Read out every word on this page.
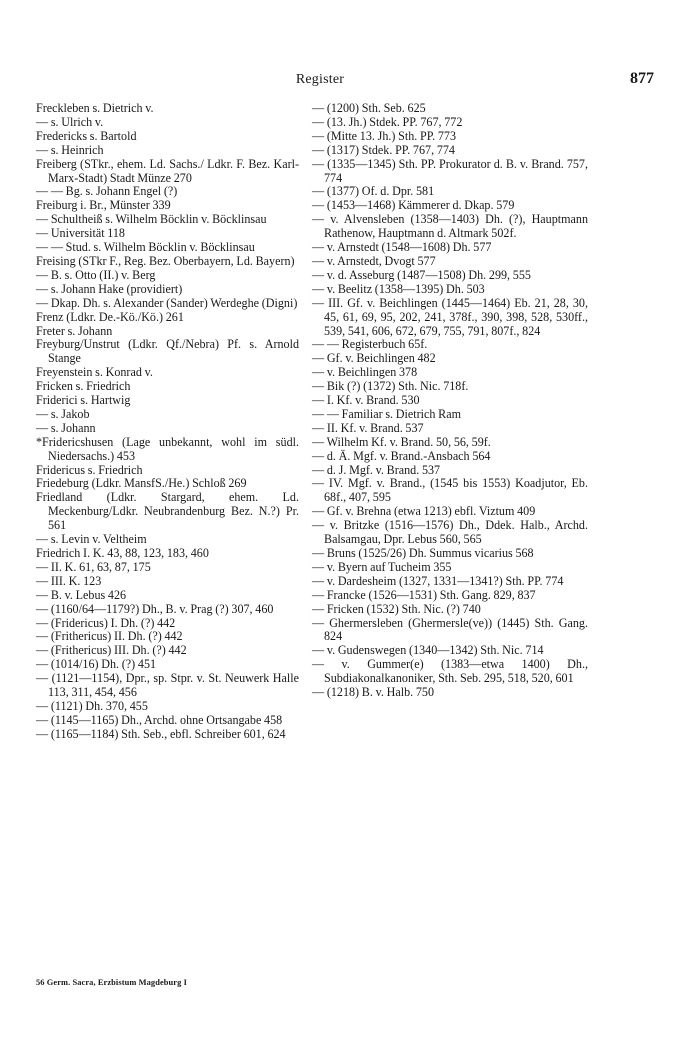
Register	877

Freckleben s. Dietrich v.

— s. Ulrich v.

Fredericks s. Bartold

— s. Heinrich

Freiberg (STkr., ehem. Ld. Sachs./ Ldkr. F. Bez. Karl-Marx-Stadt) Stadt Münze 270

— — Bg. s. Johann Engel (?)

Freiburg i. Br., Münster 339

— Schultheiß s. Wilhelm Böcklin v. Böcklinsau

— Universität 118

— — Stud. s. Wilhelm Böcklin v. Böcklinsau

Freising (STkr F., Reg. Bez. Oberbayern, Ld. Bayern)

— B. s. Otto (II.) v. Berg

— s. Johann Hake (providiert)

— Dkap. Dh. s. Alexander (Sander) Werdeghe (Digni)

Frenz (Ldkr. De.-Kö./Kö.) 261

Freter s. Johann

Freyburg/Unstrut (Ldkr. Qf./Nebra) Pf. s. Arnold Stange

Freyenstein s. Konrad v.

Fricken s. Friedrich

Friderici s. Hartwig

— s. Jakob

— s. Johann

*Fridericshusen (Lage unbekannt, wohl im südl. Niedersachs.) 453

Fridericus s. Friedrich

Friedeburg (Ldkr. MansfS./He.) Schloß 269

Friedland (Ldkr. Stargard, ehem. Ld. Meckenburg/Ldkr. Neubrandenburg Bez. N.?) Pr. 561

— s. Levin v. Veltheim

Friedrich I. K. 43, 88, 123, 183, 460

— II. K. 61, 63, 87, 175

— III. K. 123

— B. v. Lebus 426

— (1160/64—1179?) Dh., B. v. Prag (?) 307, 460

— (Fridericus) I. Dh. (?) 442

— (Frithericus) II. Dh. (?) 442

— (Frithericus) III. Dh. (?) 442

— (1014/16) Dh. (?) 451

— (1121—1154), Dpr., sp. Stpr. v. St. Neuwerk Halle 113, 311, 454, 456

— (1121) Dh. 370, 455

— (1145—1165) Dh., Archd. ohne Ortsangabe 458

— (1165—1184) Sth. Seb., ebfl. Schreiber 601, 624

— (1200) Sth. Seb. 625

— (13. Jh.) Stdek. PP. 767, 772

— (Mitte 13. Jh.) Sth. PP. 773

— (1317) Stdek. PP. 767, 774

— (1335—1345) Sth. PP. Prokurator d. B. v. Brand. 757, 774

— (1377) Of. d. Dpr. 581

— (1453—1468) Kämmerer d. Dkap. 579

— v. Alvensleben (1358—1403) Dh. (?), Hauptmann Rathenow, Hauptmann d. Altmark 502f.

— v. Arnstedt (1548—1608) Dh. 577

— v. Arnstedt, Dvogt 577

— v. d. Asseburg (1487—1508) Dh. 299, 555

— v. Beelitz (1358—1395) Dh. 503

— III. Gf. v. Beichlingen (1445—1464) Eb. 21, 28, 30, 45, 61, 69, 95, 202, 241, 378f., 390, 398, 528, 530ff., 539, 541, 606, 672, 679, 755, 791, 807f., 824

— — Registerbuch 65f.

— Gf. v. Beichlingen 482

— v. Beichlingen 378

— Bik (?) (1372) Sth. Nic. 718f.

— I. Kf. v. Brand. 530

— — Familiar s. Dietrich Ram

— II. Kf. v. Brand. 537

— Wilhelm Kf. v. Brand. 50, 56, 59f.

— d. Ä. Mgf. v. Brand.-Ansbach 564

— d. J. Mgf. v. Brand. 537

— IV. Mgf. v. Brand., (1545 bis 1553) Koadjutor, Eb. 68f., 407, 595

— Gf. v. Brehna (etwa 1213) ebfl. Viztum 409

— v. Britzke (1516—1576) Dh., Ddek. Halb., Archd. Balsamgau, Dpr. Lebus 560, 565

— Bruns (1525/26) Dh. Summus vicarius 568

— v. Byern auf Tucheim 355

— v. Dardesheim (1327, 1331—1341?) Sth. PP. 774

— Francke (1526—1531) Sth. Gang. 829, 837

— Fricken (1532) Sth. Nic. (?) 740

— Ghermersleben (Ghermersle(ve)) (1445) Sth. Gang. 824

— v. Gudenswegen (1340—1342) Sth. Nic. 714

— v. Gummer(e) (1383—etwa 1400) Dh., Subdiakonalkanoniker, Sth. Seb. 295, 518, 520, 601

— (1218) B. v. Halb. 750

56 Germ. Sacra, Erzbistum Magdeburg I
